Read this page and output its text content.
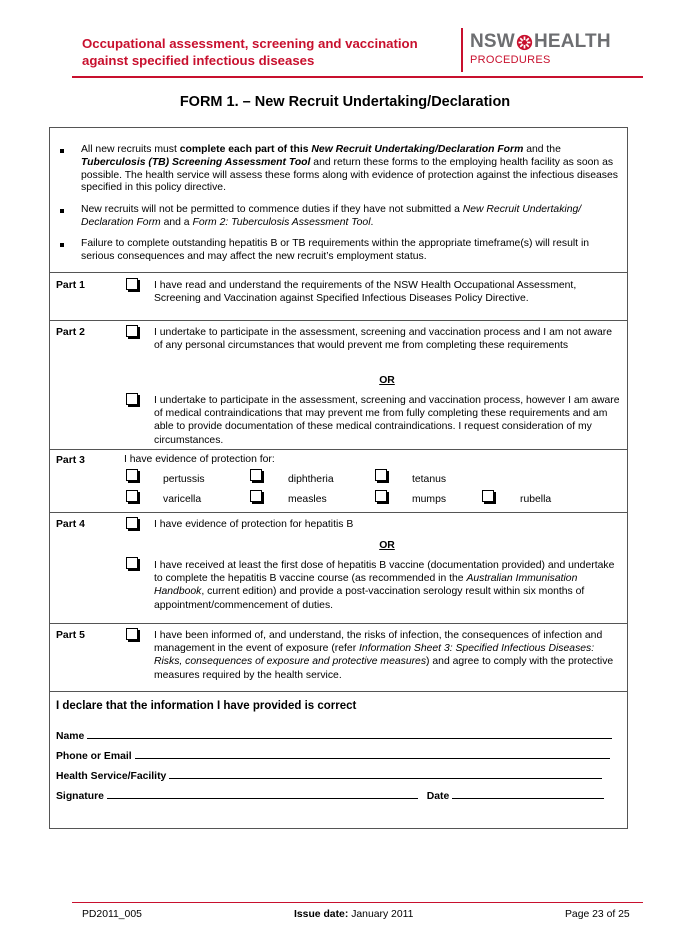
Occupational assessment, screening and vaccination against specified infectious diseases
NSW HEALTH
PROCEDURES
FORM 1. – New Recruit Undertaking/Declaration
All new recruits must complete each part of this New Recruit Undertaking/Declaration Form and the Tuberculosis (TB) Screening Assessment Tool and return these forms to the employing health facility as soon as possible. The health service will assess these forms along with evidence of protection against the infectious diseases specified in this policy directive.
New recruits will not be permitted to commence duties if they have not submitted a New Recruit Undertaking/ Declaration Form and a Form 2: Tuberculosis Assessment Tool.
Failure to complete outstanding hepatitis B or TB requirements within the appropriate timeframe(s) will result in serious consequences and may affect the new recruit’s employment status.
Part 1	I have read and understand the requirements of the NSW Health Occupational Assessment, Screening and Vaccination against Specified Infectious Diseases Policy Directive.
Part 2	I undertake to participate in the assessment, screening and vaccination process and I am not aware of any personal circumstances that would prevent me from completing these requirements
OR
I undertake to participate in the assessment, screening and vaccination process, however I am aware of medical contraindications that may prevent me from fully completing these requirements and am able to provide documentation of these medical contraindications. I request consideration of my circumstances.
Part 3	I have evidence of protection for:
pertussis	diphtheria	tetanus
varicella	measles	mumps	rubella
Part 4	I have evidence of protection for hepatitis B
OR
I have received at least the first dose of hepatitis B vaccine (documentation provided) and undertake to complete the hepatitis B vaccine course (as recommended in the Australian Immunisation Handbook, current edition) and provide a post-vaccination serology result within six months of appointment/commencement of duties.
Part 5	I have been informed of, and understand, the risks of infection, the consequences of infection and management in the event of exposure (refer Information Sheet 3: Specified Infectious Diseases: Risks, consequences of exposure and protective measures) and agree to comply with the protective measures required by the health service.
I declare that the information I have provided is correct
Name
Phone or Email
Health Service/Facility
Signature	Date
PD2011_005	Issue date: January 2011	Page 23 of 25
